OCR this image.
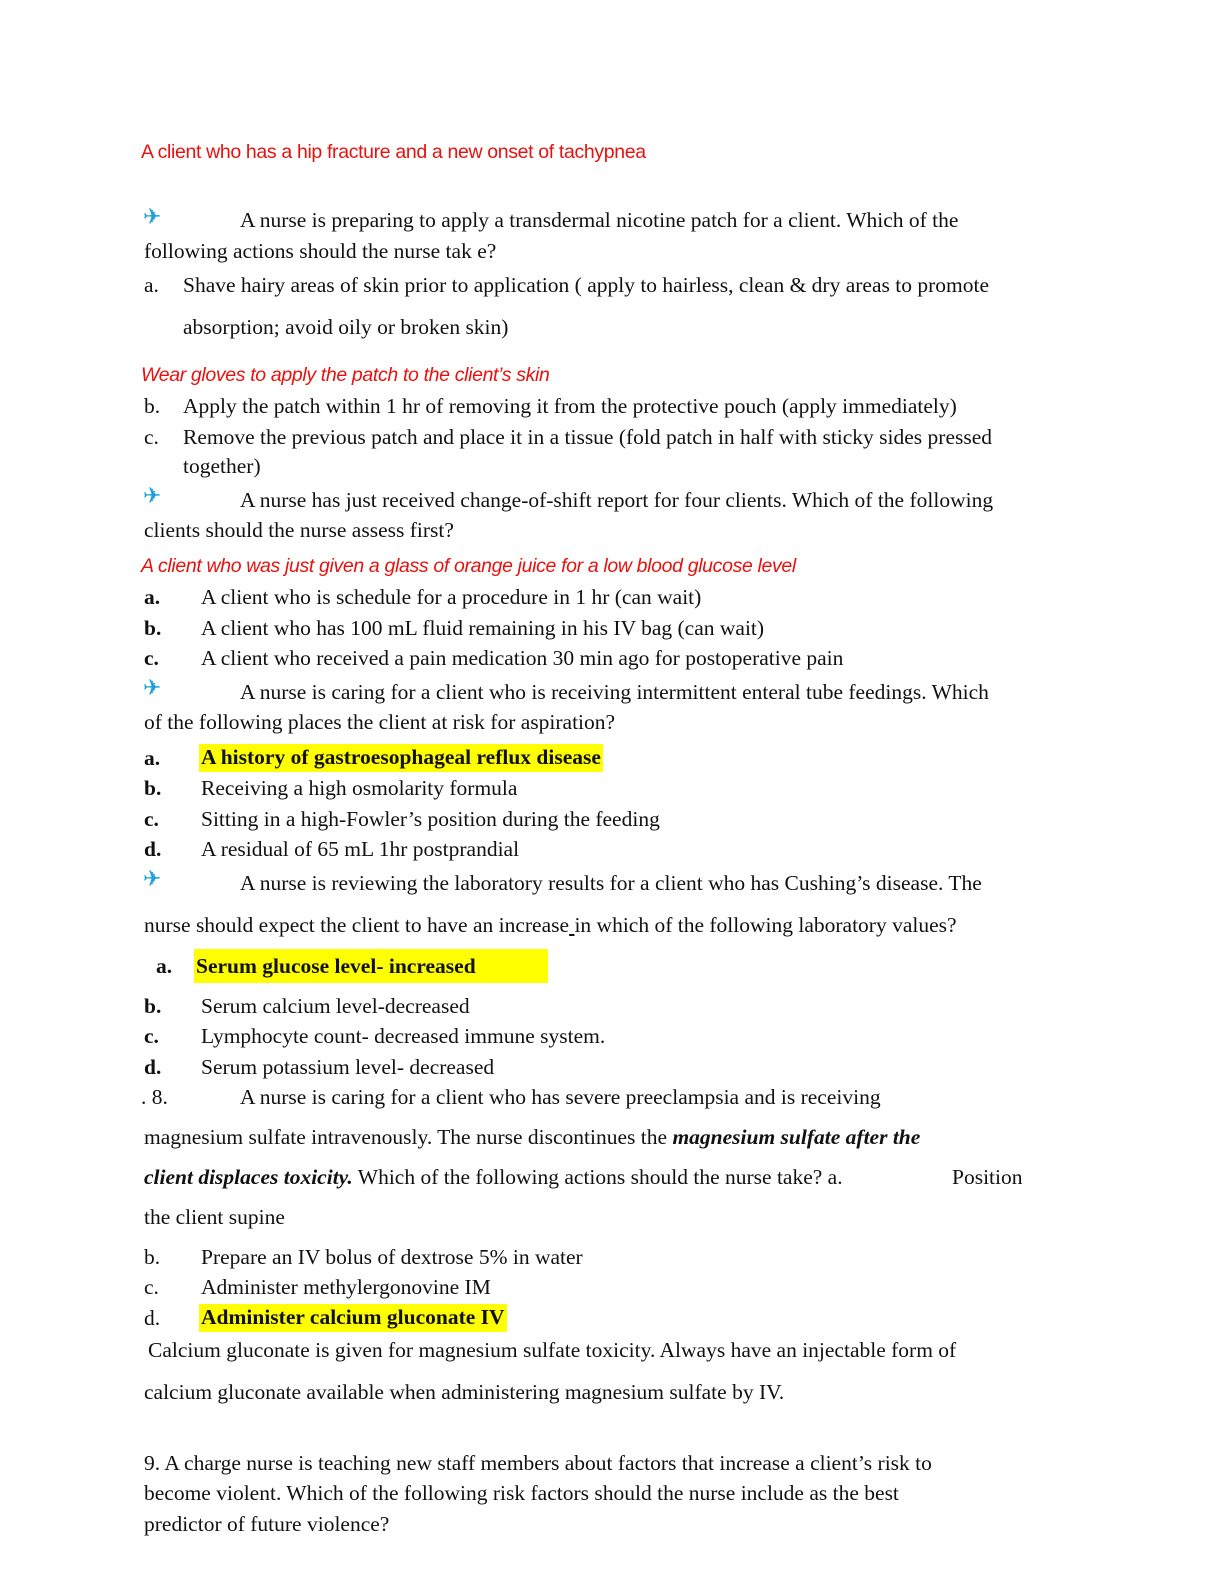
A client who has a hip fracture and a new onset of tachypnea
✈	A nurse is preparing to apply a transdermal nicotine patch for a client. Which of the
following actions should the nurse tak e?
a. Shave hairy areas of skin prior to application ( apply to hairless, clean & dry areas to promote
absorption; avoid oily or broken skin)
Wear gloves to apply the patch to the client’s skin
b. Apply the patch within 1 hr of removing it from the protective pouch (apply immediately)
c. Remove the previous patch and place it in a tissue (fold patch in half with sticky sides pressed
together)
✈	A nurse has just received change-of-shift report for four clients. Which of the following
clients should the nurse assess first?
A client who was just given a glass of orange juice for a low blood glucose level
a. A client who is schedule for a procedure in 1 hr (can wait)
b. A client who has 100 mL fluid remaining in his IV bag (can wait)
c. A client who received a pain medication 30 min ago for postoperative pain
✈	A nurse is caring for a client who is receiving intermittent enteral tube feedings. Which
of the following places the client at risk for aspiration?
a. A history of gastroesophageal reflux disease
b. Receiving a high osmolarity formula
c. Sitting in a high-Fowler’s position during the feeding
d. A residual of 65 mL 1hr postprandial
✈	A nurse is reviewing the laboratory results for a client who has Cushing’s disease. The
nurse should expect the client to have an increase in which of the following laboratory values?
a. Serum glucose level- increased
b. Serum calcium level-decreased
c. Lymphocyte count- decreased immune system.
d. Serum potassium level- decreased
. 8.	A nurse is caring for a client who has severe preeclampsia and is receiving
magnesium sulfate intravenously. The nurse discontinues the magnesium sulfate after the
client displaces toxicity. Which of the following actions should the nurse take? a.	Position
the client supine
b. Prepare an IV bolus of dextrose 5% in water
c. Administer methylergonovine IM
d. Administer calcium gluconate IV
Calcium gluconate is given for magnesium sulfate toxicity. Always have an injectable form of
calcium gluconate available when administering magnesium sulfate by IV.
9. A charge nurse is teaching new staff members about factors that increase a client’s risk to
become violent. Which of the following risk factors should the nurse include as the best
predictor of future violence?
